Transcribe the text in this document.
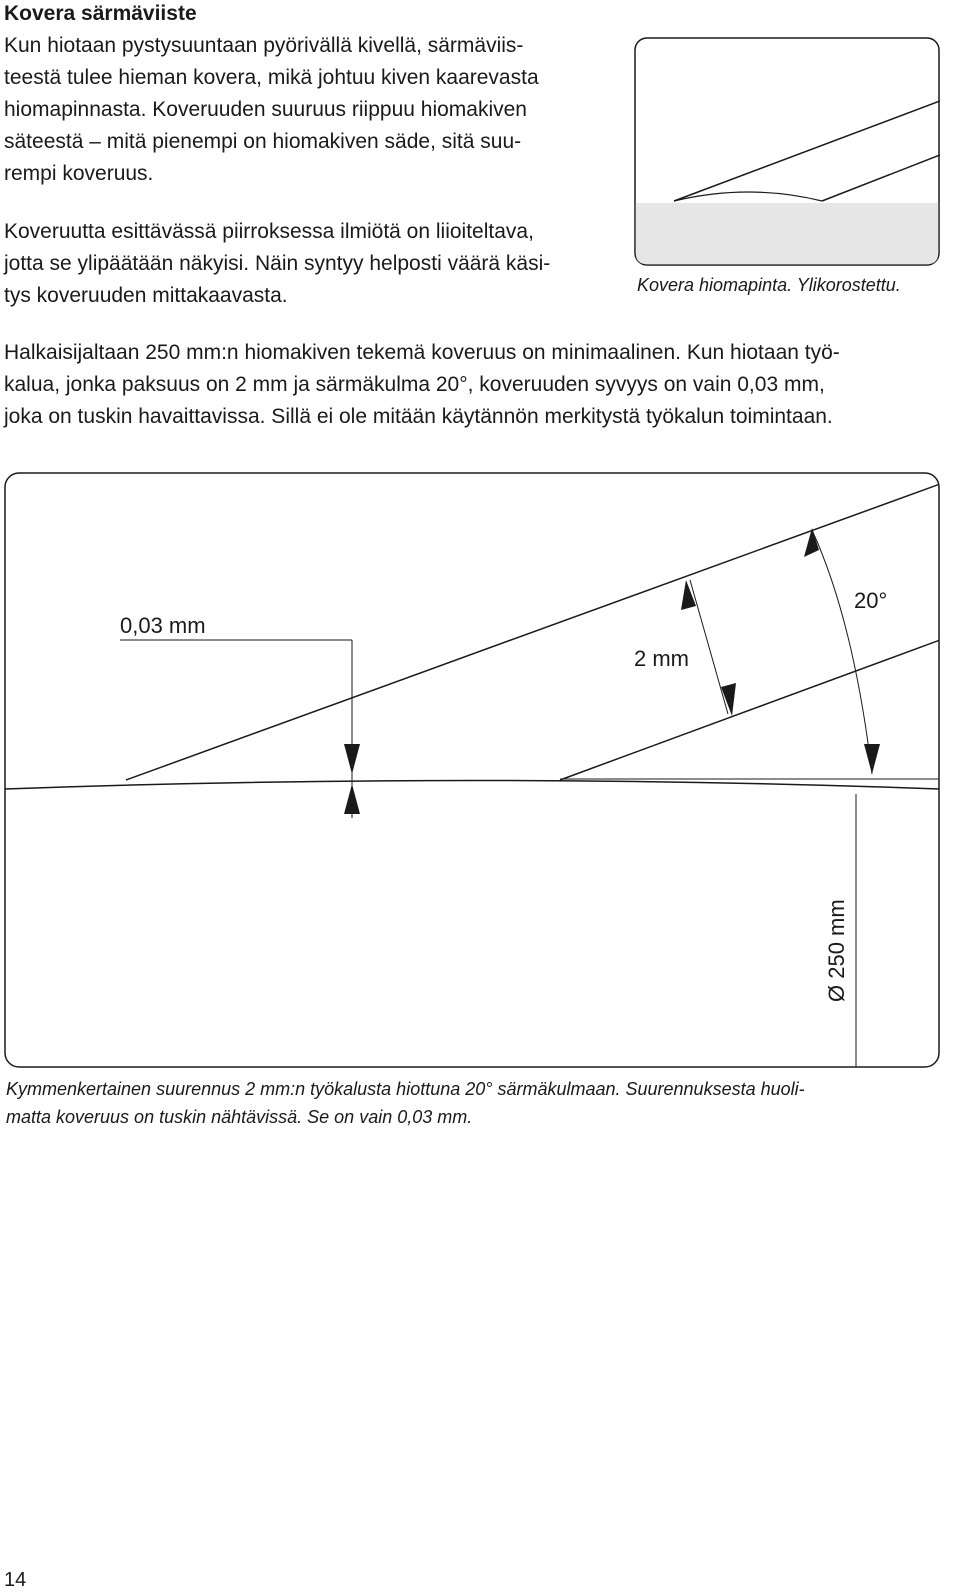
Kovera särmäviiste

Kun hiotaan pystysuuntaan pyörivällä kivellä, särmäviis-
teestä tulee hieman kovera, mikä johtuu kiven kaarevasta
hiomapinnasta. Koveruuden suuruus riippuu hiomakiven
säteestä – mitä pienempi on hiomakiven säde, sitä suu-
rempi koveruus.

Koveruutta esittävässä piirroksessa ilmiötä on liioiteltava,
jotta se ylipäätään näkyisi. Näin syntyy helposti väärä käsi-
tys koveruuden mittakaavasta.	Kovera hiomapinta. Ylikorostettu.

Halkaisijaltaan 250 mm:n hiomakiven tekemä koveruus on minimaalinen. Kun hiotaan työ-
kalua, jonka paksuus on 2 mm ja särmäkulma 20°, koveruuden syvyys on vain 0,03 mm,
joka on tuskin havaittavissa. Sillä ei ole mitään käytännön merkitystä työkalun toimintaan.

0,03 mm
2 mm
20°
Ø 250 mm
Kymmenkertainen suurennus 2 mm:n työkalusta hiottuna 20° särmäkulmaan. Suurennuksesta huoli-
matta koveruus on tuskin nähtävissä. Se on vain 0,03 mm.
14
